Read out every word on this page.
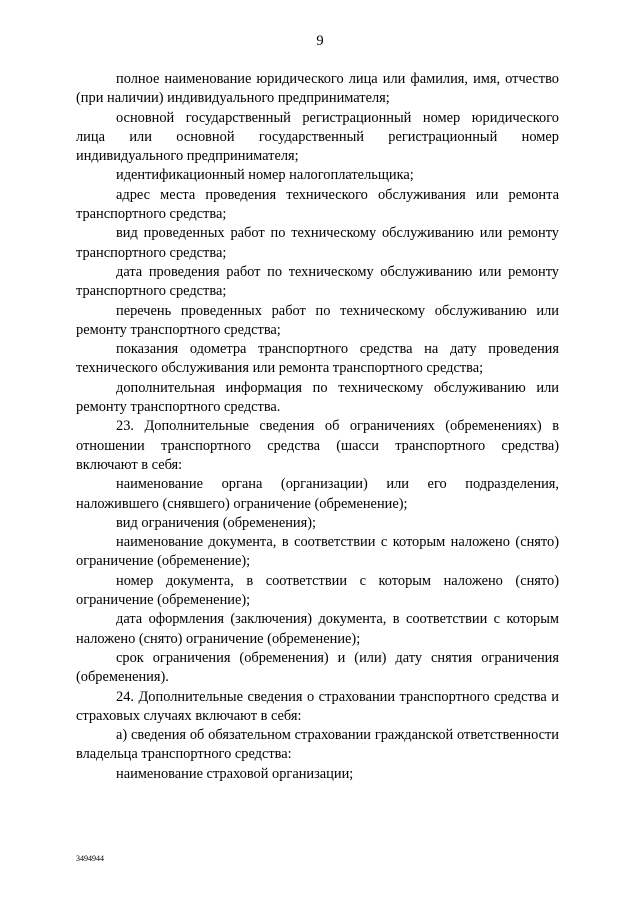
9

полное наименование юридического лица или фамилия, имя, отчество (при наличии) индивидуального предпринимателя;

основной государственный регистрационный номер юридического лица или основной государственный регистрационный номер индивидуального предпринимателя;

идентификационный номер налогоплательщика;

адрес места проведения технического обслуживания или ремонта транспортного средства;

вид проведенных работ по техническому обслуживанию или ремонту транспортного средства;

дата проведения работ по техническому обслуживанию или ремонту транспортного средства;

перечень проведенных работ по техническому обслуживанию или ремонту транспортного средства;

показания одометра транспортного средства на дату проведения технического обслуживания или ремонта транспортного средства;

дополнительная информация по техническому обслуживанию или ремонту транспортного средства.

23. Дополнительные сведения об ограничениях (обременениях) в отношении транспортного средства (шасси транспортного средства) включают в себя:

наименование органа (организации) или его подразделения, наложившего (снявшего) ограничение (обременение);

вид ограничения (обременения);

наименование документа, в соответствии с которым наложено (снято) ограничение (обременение);

номер документа, в соответствии с которым наложено (снято) ограничение (обременение);

дата оформления (заключения) документа, в соответствии с которым наложено (снято) ограничение (обременение);

срок ограничения (обременения) и (или) дату снятия ограничения (обременения).

24. Дополнительные сведения о страховании транспортного средства и страховых случаях включают в себя:

а) сведения об обязательном страховании гражданской ответственности владельца транспортного средства:

наименование страховой организации;

3494944
